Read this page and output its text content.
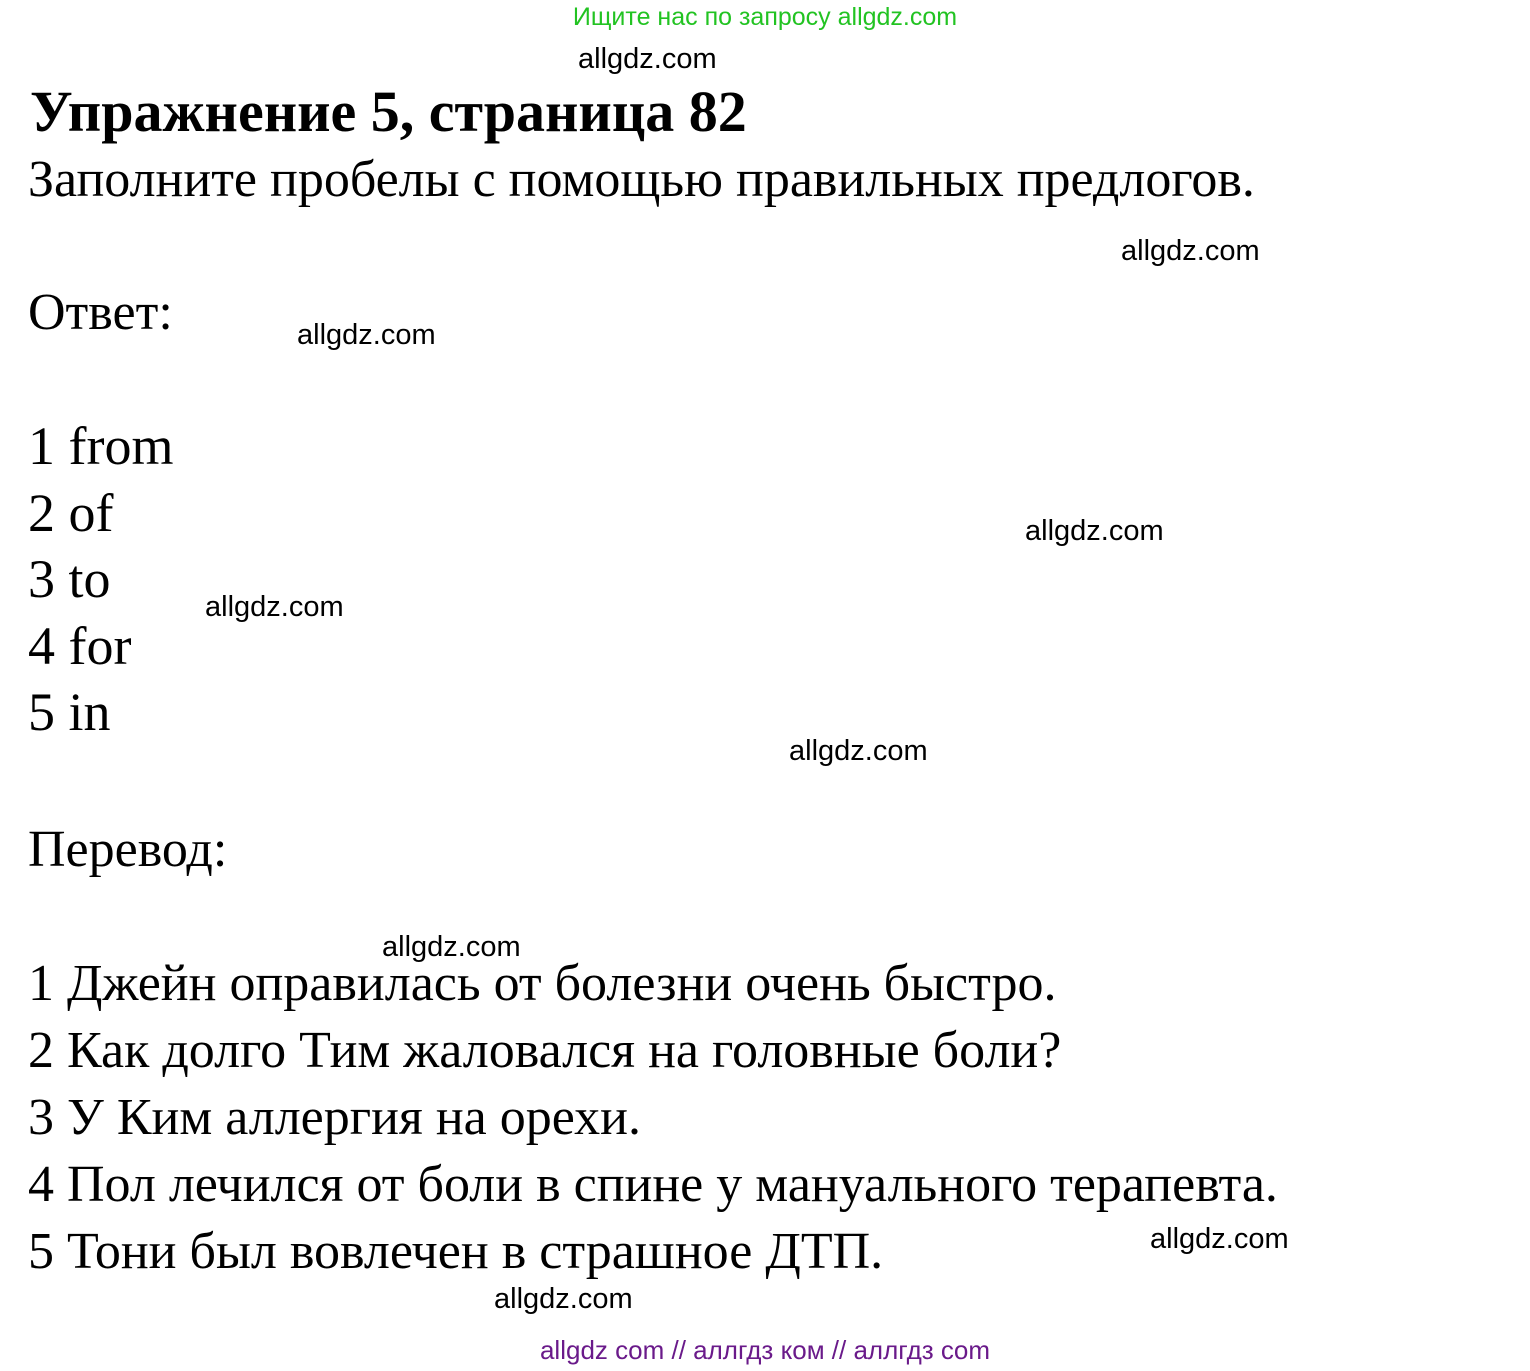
Ищите нас по запросу allgdz.com
allgdz.com
Упражнение 5, страница 82

Заполните пробелы с помощью правильных предлогов.

allgdz.com
Ответ:	allgdz.com
1 from
2 of
3 to
4 for
5 in
allgdz.com
allgdz.com
allgdz.com
Перевод:
allgdz.com
1 Джейн оправилась от болезни очень быстро.
2 Как долго Тим жаловался на головные боли?
3 У Ким аллергия на орехи.
4 Пол лечился от боли в спине у мануального терапевта.
5 Тони был вовлечен в страшное ДТП.	allgdz.com
allgdz.com
allgdz com // аллгдз ком // аллгдз com
